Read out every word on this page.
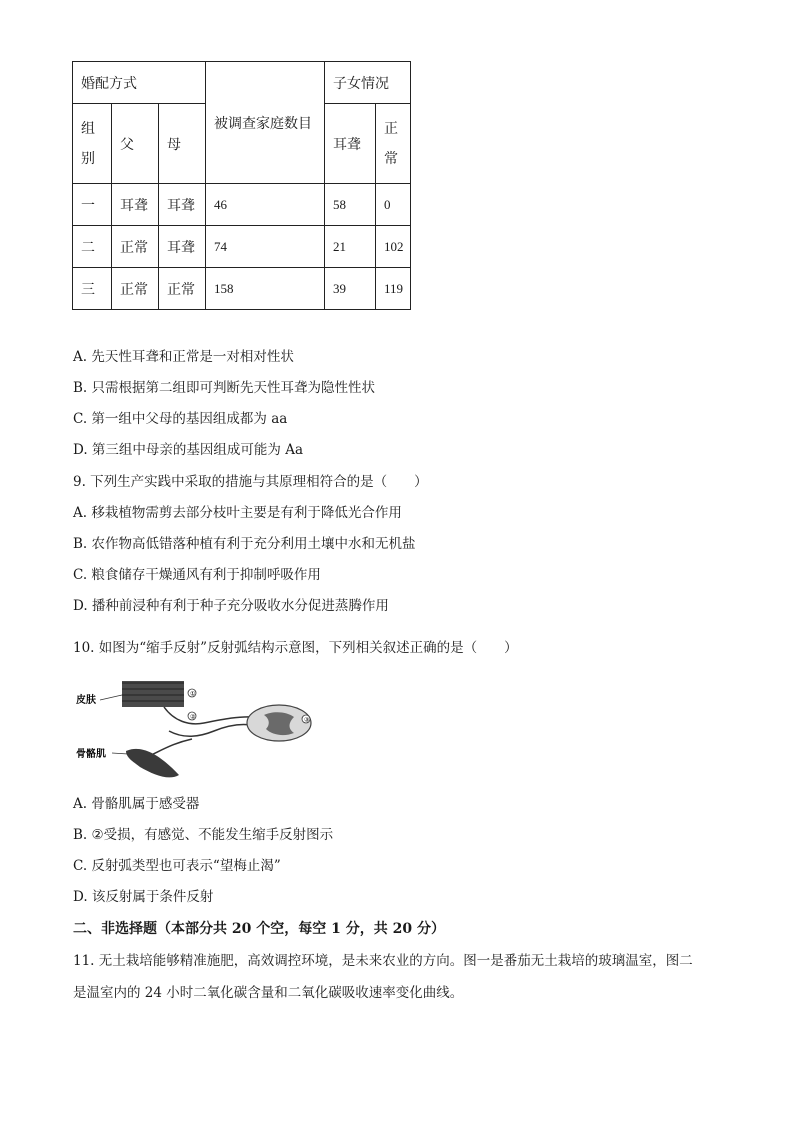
婚配方式			被调查家庭数目	子女情况	

组
别	父	母		耳聋	正
常

一	耳聋	耳聋	46	58	0
二	正常	耳聋	74	21	102
三	正常	正常	158	39	119
A. 先天性耳聋和正常是一对相对性状
B. 只需根据第二组即可判断先天性耳聋为隐性性状
C. 第一组中父母的基因组成都为 aa
D. 第三组中母亲的基因组成可能为 Aa
9. 下列生产实践中采取的措施与其原理相符合的是（　　）
A. 移栽植物需剪去部分枝叶主要是有利于降低光合作用
B. 农作物高低错落种植有利于充分利用土壤中水和无机盐
C. 粮食储存干燥通风有利于抑制呼吸作用
D. 播种前浸种有利于种子充分吸收水分促进蒸腾作用
10. 如图为“缩手反射”反射弧结构示意图，下列相关叙述正确的是（　　）
皮肤
①
②	③
骨骼肌
A. 骨骼肌属于感受器
B. ②受损，有感觉、不能发生缩手反射图示
C. 反射弧类型也可表示“望梅止渴”
D. 该反射属于条件反射
二、非选择题（本部分共 20 个空，每空 1 分，共 20 分）
11. 无土栽培能够精准施肥，高效调控环境，是未来农业的方向。图一是番茄无土栽培的玻璃温室，图二
是温室内的 24 小时二氧化碳含量和二氧化碳吸收速率变化曲线。
